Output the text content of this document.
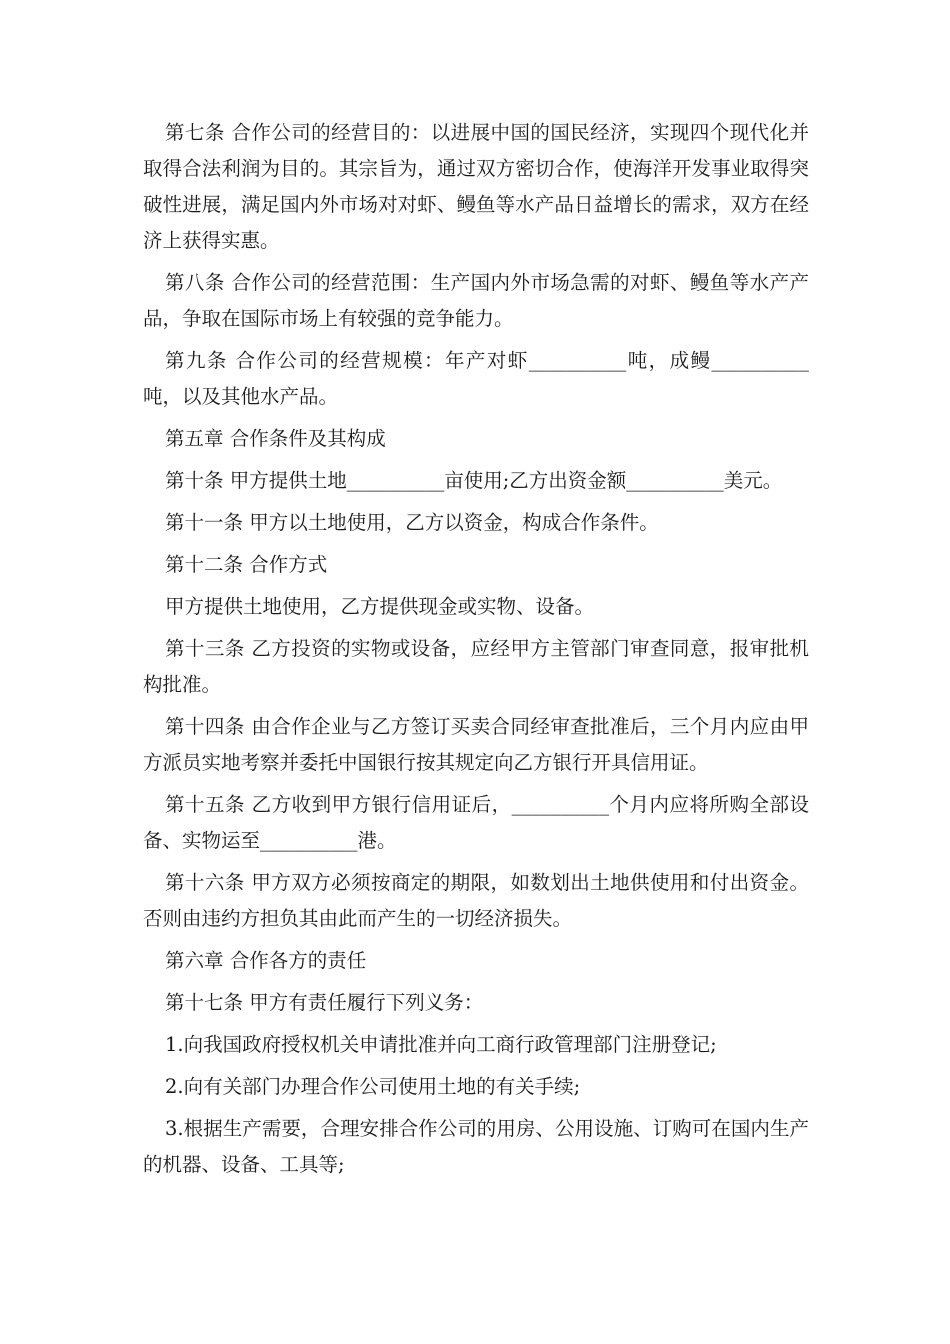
第七条 合作公司的经营目的：以进展中国的国民经济，实现四个现代化并取得合法利润为目的。其宗旨为，通过双方密切合作，使海洋开发事业取得突破性进展，满足国内外市场对对虾、鳗鱼等水产品日益增长的需求，双方在经济上获得实惠。

第八条 合作公司的经营范围：生产国内外市场急需的对虾、鳗鱼等水产产品，争取在国际市场上有较强的竞争能力。

第九条 合作公司的经营规模：年产对虾__________吨，成鳗__________吨，以及其他水产品。

第五章 合作条件及其构成

第十条 甲方提供土地__________亩使用;乙方出资金额__________美元。

第十一条 甲方以土地使用，乙方以资金，构成合作条件。

第十二条 合作方式

甲方提供土地使用，乙方提供现金或实物、设备。

第十三条 乙方投资的实物或设备，应经甲方主管部门审查同意，报审批机构批准。

第十四条 由合作企业与乙方签订买卖合同经审查批准后，三个月内应由甲方派员实地考察并委托中国银行按其规定向乙方银行开具信用证。

第十五条 乙方收到甲方银行信用证后，__________个月内应将所购全部设备、实物运至__________港。

第十六条 甲方双方必须按商定的期限，如数划出土地供使用和付出资金。否则由违约方担负其由此而产生的一切经济损失。

第六章 合作各方的责任

第十七条 甲方有责任履行下列义务：

1.向我国政府授权机关申请批准并向工商行政管理部门注册登记;

2.向有关部门办理合作公司使用土地的有关手续;

3.根据生产需要，合理安排合作公司的用房、公用设施、订购可在国内生产的机器、设备、工具等;
